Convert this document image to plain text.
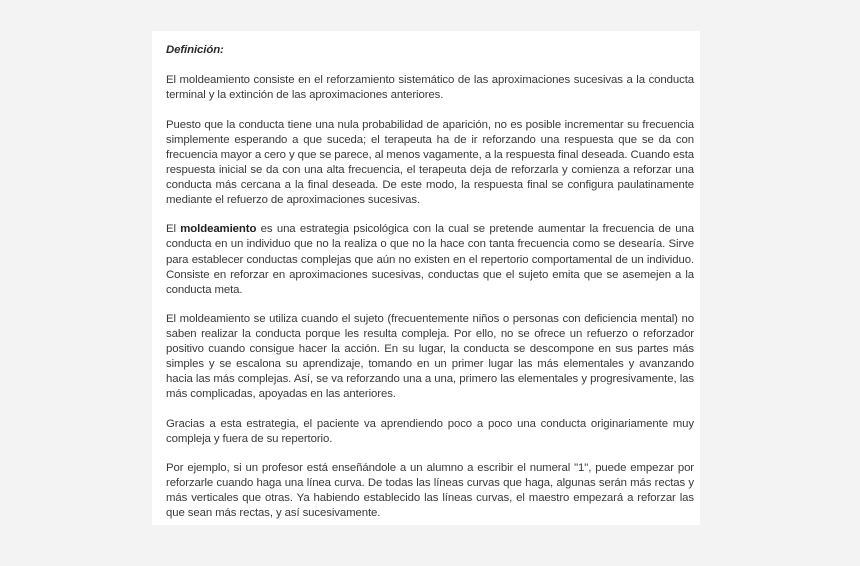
Definición:

El moldeamiento consiste en el reforzamiento sistemático de las aproximaciones sucesivas a la conducta terminal y la extinción de las aproximaciones anteriores.

Puesto que la conducta tiene una nula probabilidad de aparición, no es posible incrementar su frecuencia simplemente esperando a que suceda; el terapeuta ha de ir reforzando una respuesta que se da con frecuencia mayor a cero y que se parece, al menos vagamente, a la respuesta final deseada. Cuando esta respuesta inicial se da con una alta frecuencia, el terapeuta deja de reforzarla y comienza a reforzar una conducta más cercana a la final deseada. De este modo, la respuesta final se configura paulatinamente mediante el refuerzo de aproximaciones sucesivas.

El moldeamiento es una estrategia psicológica con la cual se pretende aumentar la frecuencia de una conducta en un individuo que no la realiza o que no la hace con tanta frecuencia como se desearía. Sirve para establecer conductas complejas que aún no existen en el repertorio comportamental de un individuo. Consiste en reforzar en aproximaciones sucesivas, conductas que el sujeto emita que se asemejen a la conducta meta.

El moldeamiento se utiliza cuando el sujeto (frecuentemente niños o personas con deficiencia mental) no saben realizar la conducta porque les resulta compleja. Por ello, no se ofrece un refuerzo o reforzador positivo cuando consigue hacer la acción. En su lugar, la conducta se descompone en sus partes más simples y se escalona su aprendizaje, tomando en un primer lugar las más elementales y avanzando hacia las más complejas. Así, se va reforzando una a una, primero las elementales y progresivamente, las más complicadas, apoyadas en las anteriores.

Gracias a esta estrategia, el paciente va aprendiendo poco a poco una conducta originariamente muy compleja y fuera de su repertorio.

Por ejemplo, si un profesor está enseñándole a un alumno a escribir el numeral "1", puede empezar por reforzarle cuando haga una línea curva. De todas las líneas curvas que haga, algunas serán más rectas y más verticales que otras. Ya habiendo establecido las líneas curvas, el maestro empezará a reforzar las que sean más rectas, y así sucesivamente.
